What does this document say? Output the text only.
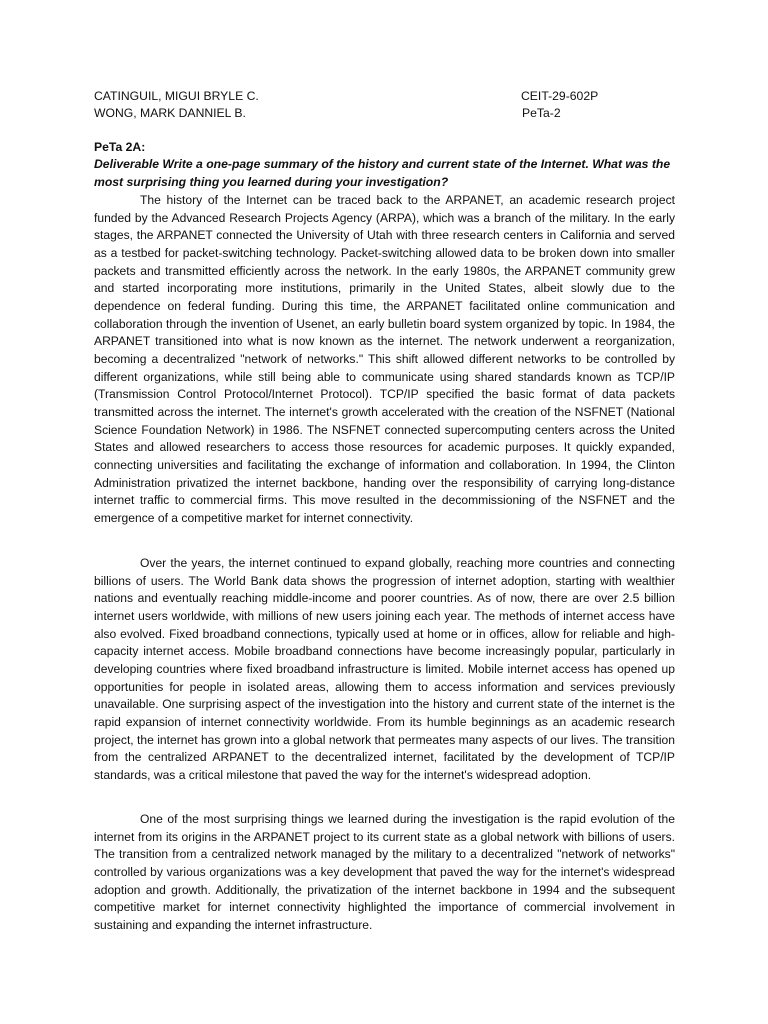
CATINGUIL, MIGUI BRYLE C.	CEIT-29-602P
WONG, MARK DANNIEL B.	PeTa-2
PeTa 2A:
Deliverable Write a one-page summary of the history and current state of the Internet. What was the most surprising thing you learned during your investigation?

The history of the Internet can be traced back to the ARPANET, an academic research project funded by the Advanced Research Projects Agency (ARPA), which was a branch of the military. In the early stages, the ARPANET connected the University of Utah with three research centers in California and served as a testbed for packet-switching technology. Packet-switching allowed data to be broken down into smaller packets and transmitted efficiently across the network. In the early 1980s, the ARPANET community grew and started incorporating more institutions, primarily in the United States, albeit slowly due to the dependence on federal funding. During this time, the ARPANET facilitated online communication and collaboration through the invention of Usenet, an early bulletin board system organized by topic. In 1984, the ARPANET transitioned into what is now known as the internet. The network underwent a reorganization, becoming a decentralized "network of networks." This shift allowed different networks to be controlled by different organizations, while still being able to communicate using shared standards known as TCP/IP (Transmission Control Protocol/Internet Protocol). TCP/IP specified the basic format of data packets transmitted across the internet. The internet's growth accelerated with the creation of the NSFNET (National Science Foundation Network) in 1986. The NSFNET connected supercomputing centers across the United States and allowed researchers to access those resources for academic purposes. It quickly expanded, connecting universities and facilitating the exchange of information and collaboration. In 1994, the Clinton Administration privatized the internet backbone, handing over the responsibility of carrying long-distance internet traffic to commercial firms. This move resulted in the decommissioning of the NSFNET and the emergence of a competitive market for internet connectivity.

Over the years, the internet continued to expand globally, reaching more countries and connecting billions of users. The World Bank data shows the progression of internet adoption, starting with wealthier nations and eventually reaching middle-income and poorer countries. As of now, there are over 2.5 billion internet users worldwide, with millions of new users joining each year. The methods of internet access have also evolved. Fixed broadband connections, typically used at home or in offices, allow for reliable and high-capacity internet access. Mobile broadband connections have become increasingly popular, particularly in developing countries where fixed broadband infrastructure is limited. Mobile internet access has opened up opportunities for people in isolated areas, allowing them to access information and services previously unavailable. One surprising aspect of the investigation into the history and current state of the internet is the rapid expansion of internet connectivity worldwide. From its humble beginnings as an academic research project, the internet has grown into a global network that permeates many aspects of our lives. The transition from the centralized ARPANET to the decentralized internet, facilitated by the development of TCP/IP standards, was a critical milestone that paved the way for the internet's widespread adoption.

One of the most surprising things we learned during the investigation is the rapid evolution of the internet from its origins in the ARPANET project to its current state as a global network with billions of users. The transition from a centralized network managed by the military to a decentralized "network of networks" controlled by various organizations was a key development that paved the way for the internet's widespread adoption and growth. Additionally, the privatization of the internet backbone in 1994 and the subsequent competitive market for internet connectivity highlighted the importance of commercial involvement in sustaining and expanding the internet infrastructure.
